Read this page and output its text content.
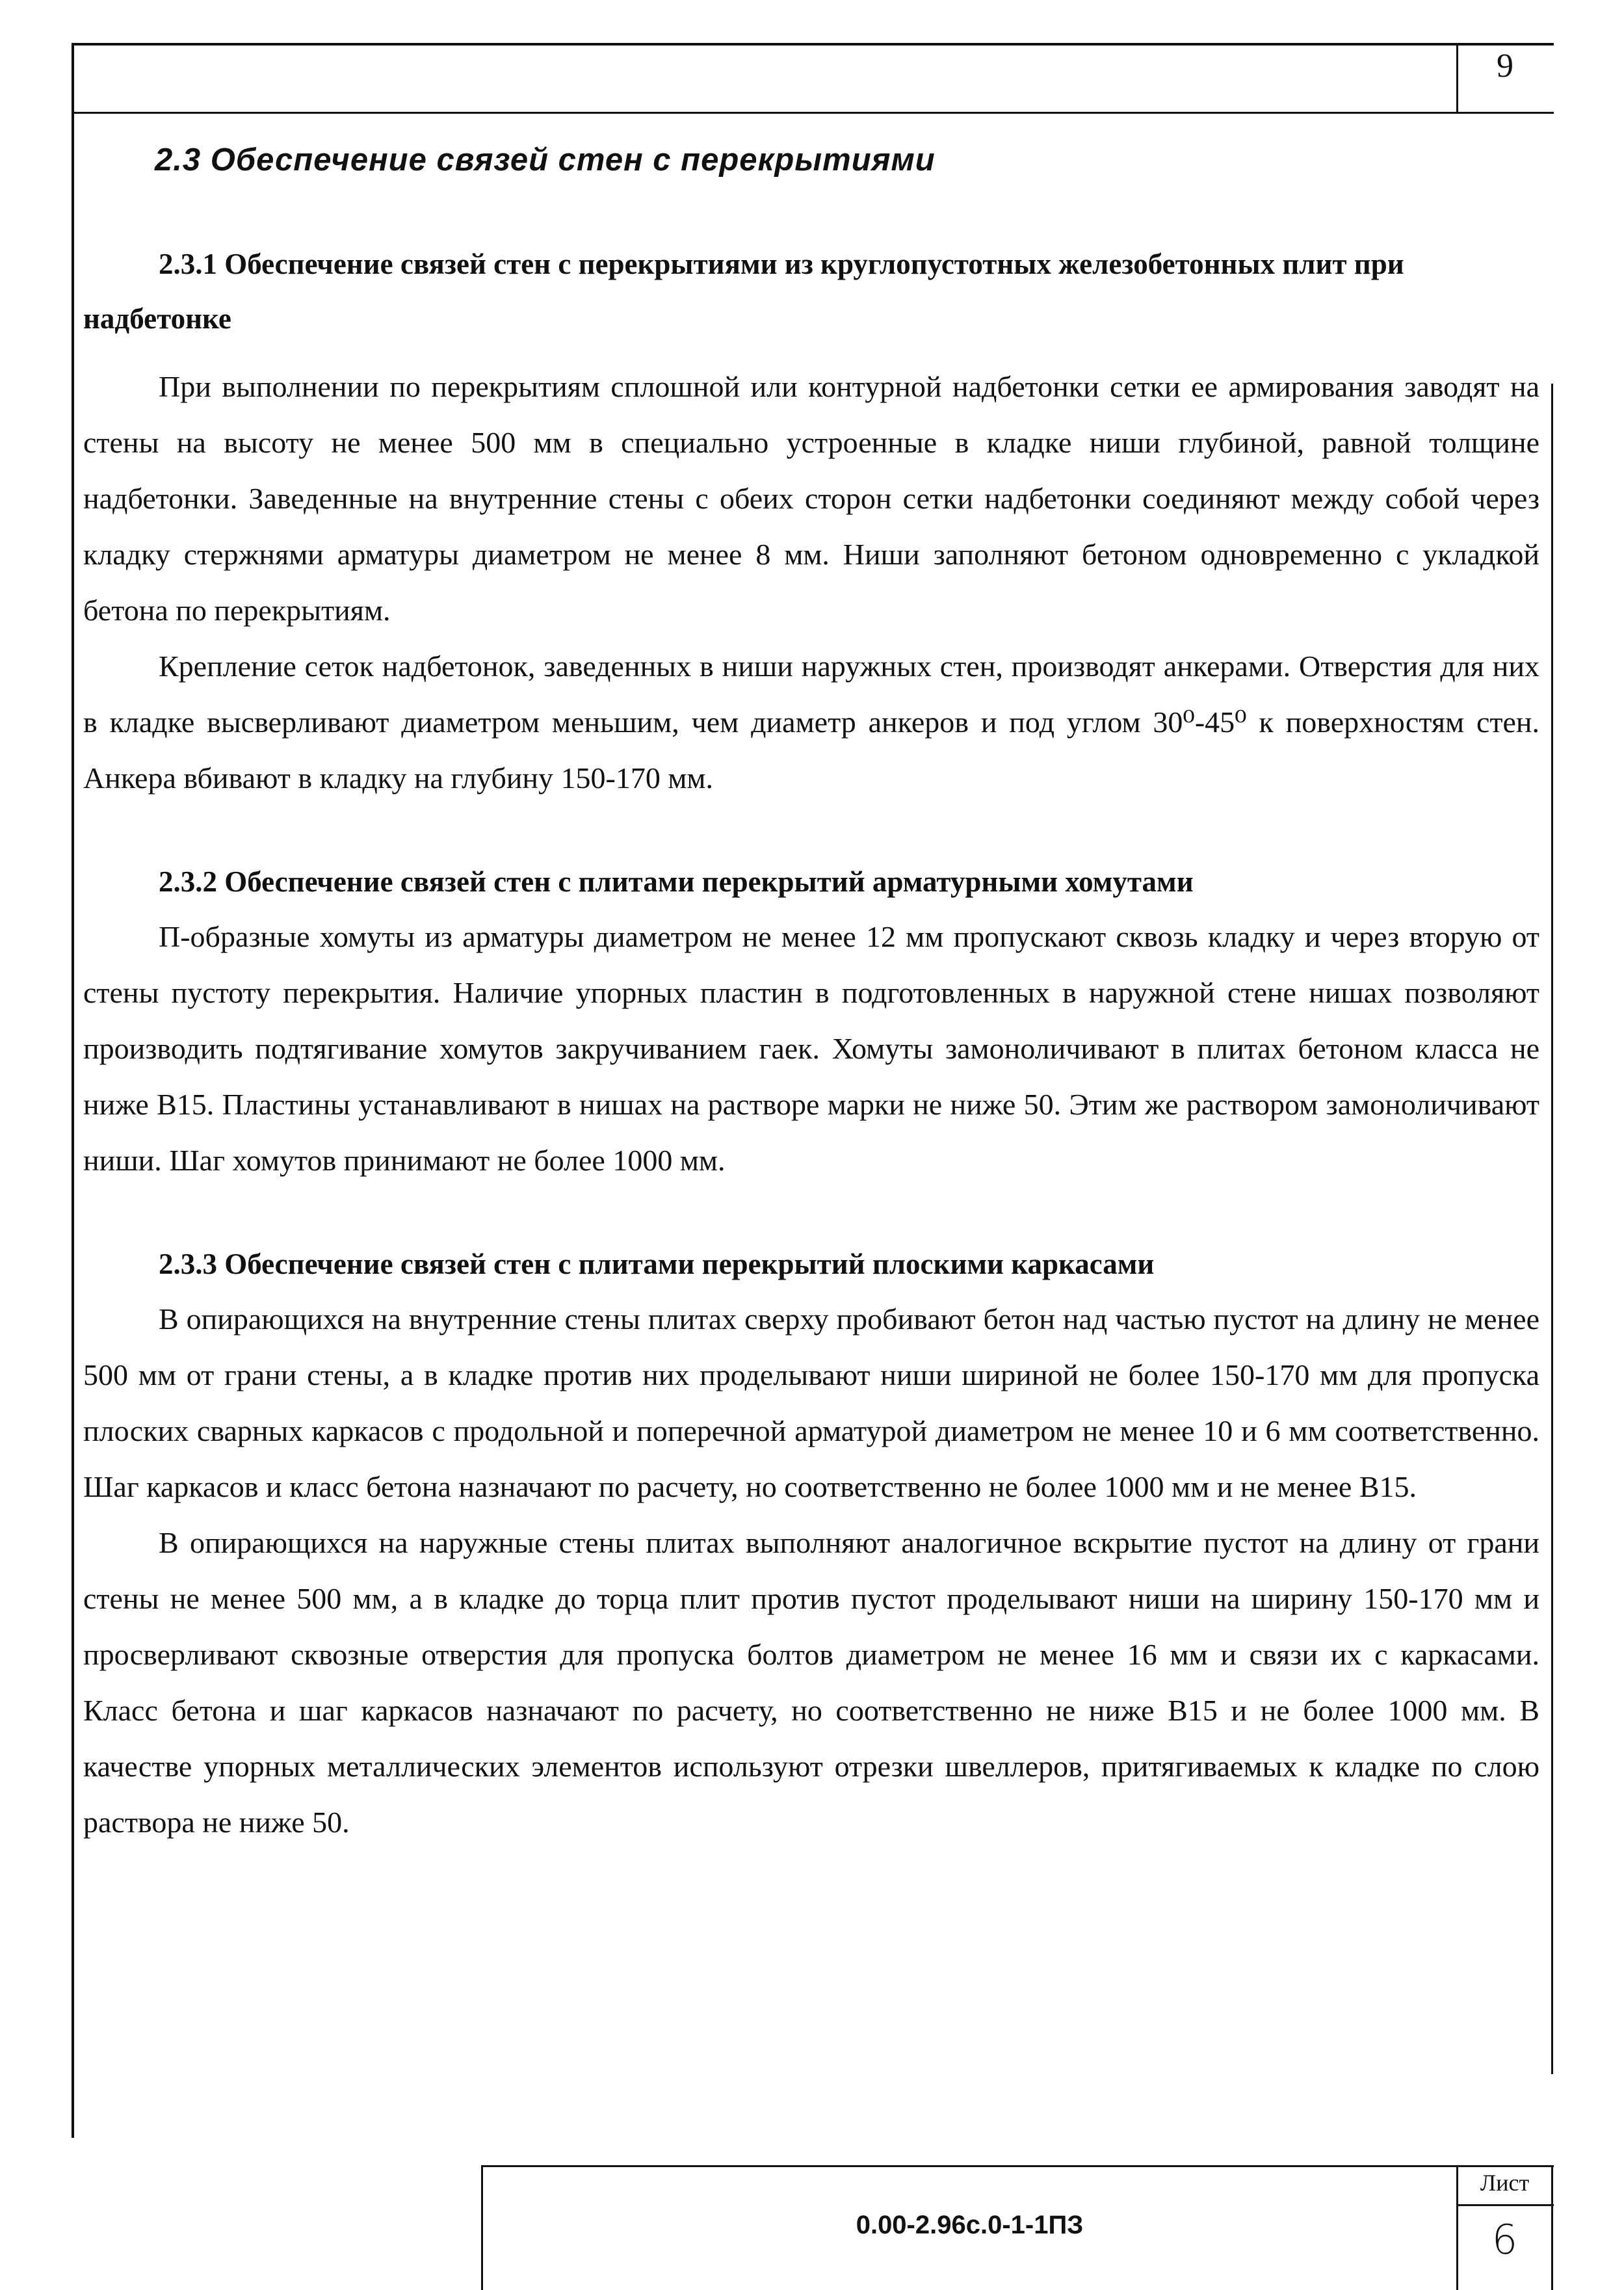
9
2.3 Обеспечение связей стен с перекрытиями
2.3.1 Обеспечение связей стен с перекрытиями из круглопустотных железобетонных плит при надбетонке

При выполнении по перекрытиям сплошной или контурной надбетонки сетки ее армирования заводят на стены на высоту не менее 500 мм в специально устроенные в кладке ниши глубиной, равной толщине надбетонки. Заведенные на внутренние стены с обеих сторон сетки надбетонки соединяют между собой через кладку стержнями арматуры диаметром не менее 8 мм. Ниши заполняют бетоном одновременно с укладкой бетона по перекрытиям.

Крепление сеток надбетонок, заведенных в ниши наружных стен, производят анкерами. Отверстия для них в кладке высверливают диаметром меньшим, чем диаметр анкеров и под углом 30⁰-45⁰ к поверхностям стен. Анкера вбивают в кладку на глубину 150-170 мм.

2.3.2 Обеспечение связей стен с плитами перекрытий арматурными хомутами

П-образные хомуты из арматуры диаметром не менее 12 мм пропускают сквозь кладку и через вторую от стены пустоту перекрытия. Наличие упорных пластин в подготовленных в наружной стене нишах позволяют производить подтягивание хомутов закручиванием гаек. Хомуты замоноличивают в плитах бетоном класса не ниже В15. Пластины устанавливают в нишах на растворе марки не ниже 50. Этим же раствором замоноличивают ниши. Шаг хомутов принимают не более 1000 мм.

2.3.3 Обеспечение связей стен с плитами перекрытий плоскими каркасами

В опирающихся на внутренние стены плитах сверху пробивают бетон над частью пустот на длину не менее 500 мм от грани стены, а в кладке против них проделывают ниши шириной не более 150-170 мм для пропуска плоских сварных каркасов с продольной и поперечной арматурой диаметром не менее 10 и 6 мм соответственно. Шаг каркасов и класс бетона назначают по расчету, но соответственно не более 1000 мм и не менее В15.

В опирающихся на наружные стены плитах выполняют аналогичное вскрытие пустот на длину от грани стены не менее 500 мм, а в кладке до торца плит против пустот проделывают ниши на ширину 150-170 мм и просверливают сквозные отверстия для пропуска болтов диаметром не менее 16 мм и связи их с каркасами. Класс бетона и шаг каркасов назначают по расчету, но соответственно не ниже В15 и не более 1000 мм. В качестве упорных металлических элементов используют отрезки швеллеров, притягиваемых к кладке по слою раствора не ниже 50.

0.00-2.96с.0-1-1ПЗ
Лист
6
